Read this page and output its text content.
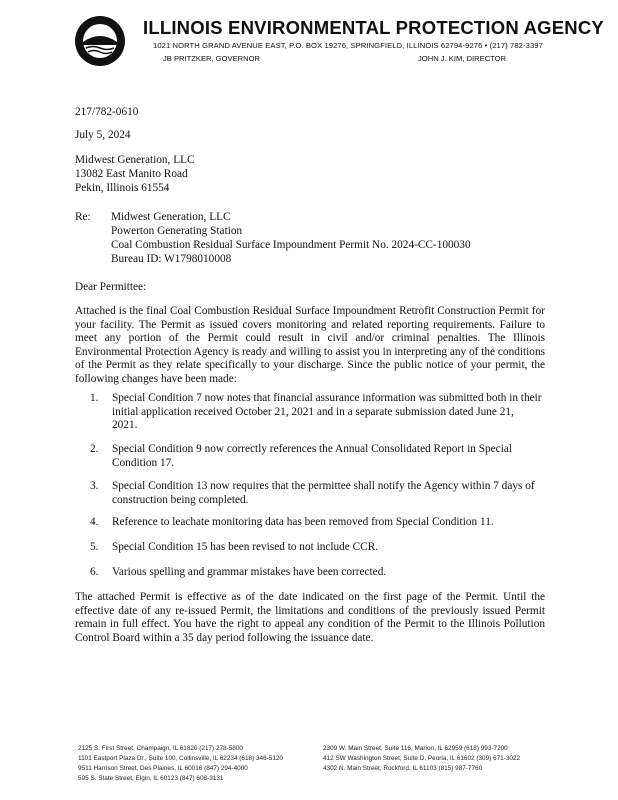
ILLINOIS ENVIRONMENTAL PROTECTION AGENCY
1021 NORTH GRAND AVENUE EAST, P.O. BOX 19276, SPRINGFIELD, ILLINOIS 62794-9276 • (217) 782-3397
JB PRITZKER, GOVERNOR	JOHN J. KIM, DIRECTOR
217/782-0610
July 5, 2024
Midwest Generation, LLC
13082 East Manito Road
Pekin, Illinois 61554
Re: Midwest Generation, LLC
Powerton Generating Station
Coal Combustion Residual Surface Impoundment Permit No. 2024-CC-100030
Bureau ID: W1798010008
Dear Permittee:
Attached is the final Coal Combustion Residual Surface Impoundment Retrofit Construction Permit for your facility. The Permit as issued covers monitoring and related reporting requirements. Failure to meet any portion of the Permit could result in civil and/or criminal penalties. The Illinois Environmental Protection Agency is ready and willing to assist you in interpreting any of the conditions of the Permit as they relate specifically to your discharge. Since the public notice of your permit, the following changes have been made:
1. Special Condition 7 now notes that financial assurance information was submitted both in their initial application received October 21, 2021 and in a separate submission dated June 21, 2021.
2. Special Condition 9 now correctly references the Annual Consolidated Report in Special Condition 17.
3. Special Condition 13 now requires that the permittee shall notify the Agency within 7 days of construction being completed.
4. Reference to leachate monitoring data has been removed from Special Condition 11.
5. Special Condition 15 has been revised to not include CCR.
6. Various spelling and grammar mistakes have been corrected.
The attached Permit is effective as of the date indicated on the first page of the Permit. Until the effective date of any re-issued Permit, the limitations and conditions of the previously issued Permit remain in full effect. You have the right to appeal any condition of the Permit to the Illinois Pollution Control Board within a 35 day period following the issuance date.
2125 S. First Street, Champaign, IL 61820 (217) 278-5800
1101 Eastport Plaza Dr., Suite 100, Collinsville, IL 62234 (618) 346-5120
9511 Harrison Street, Des Plaines, IL 60016 (847) 294-4000
595 S. State Street, Elgin, IL 60123 (847) 608-3131
2309 W. Main Street, Suite 116, Marion, IL 62959 (618) 993-7200
412 SW Washington Street, Suite D, Peoria, IL 61602 (309) 671-3022
4302 N. Main Street, Rockford, IL 61103 (815) 987-7760
